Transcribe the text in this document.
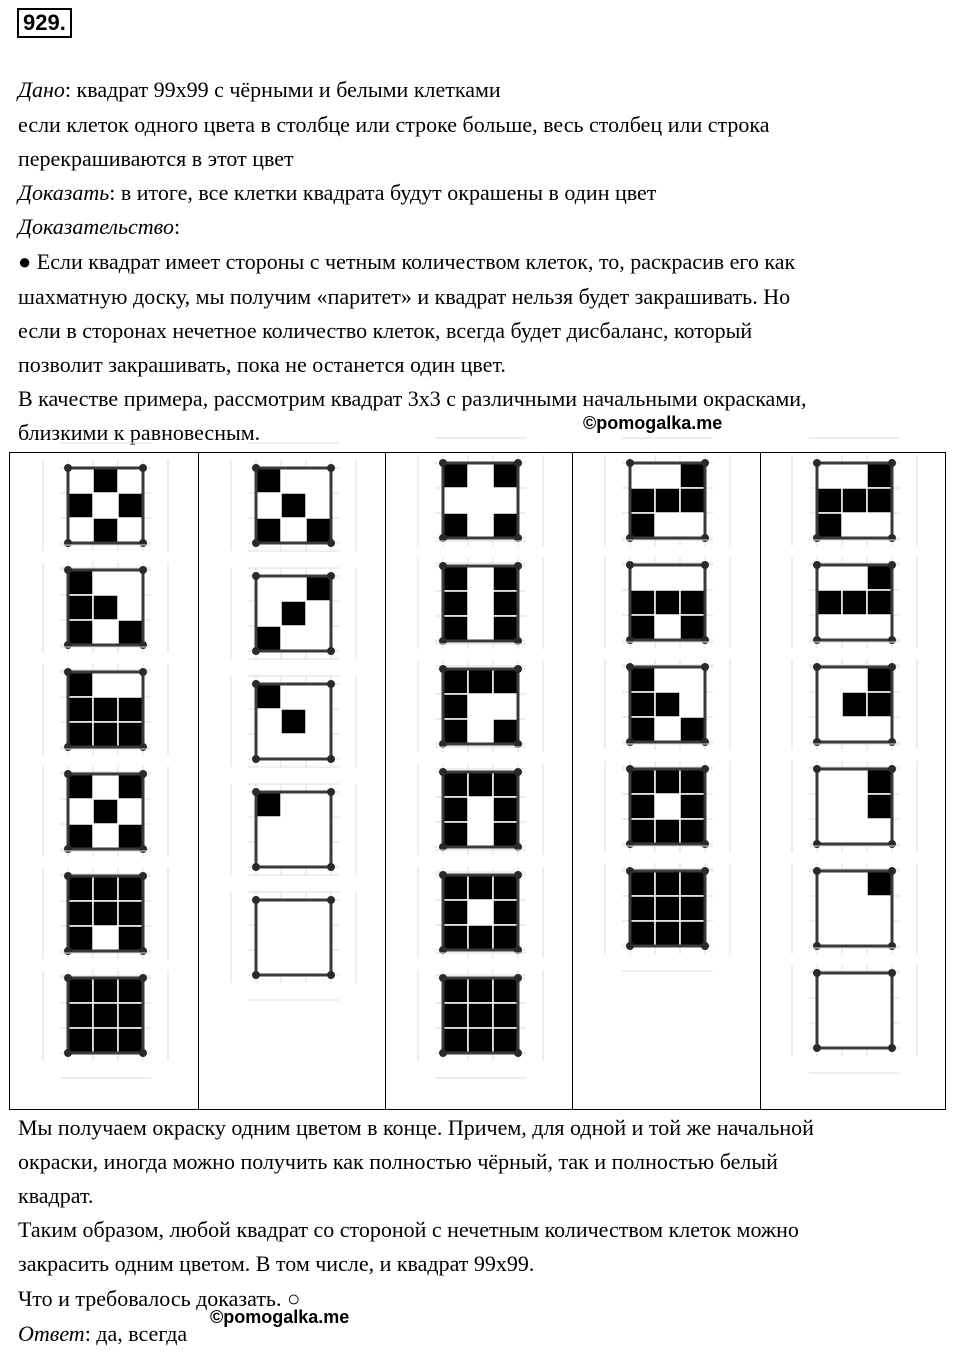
929.
Дано: квадрат 99х99 с чёрными и белыми клетками
если клеток одного цвета в столбце или строке больше, весь столбец или строка
перекрашиваются в этот цвет
Доказать: в итоге, все клетки квадрата будут окрашены в один цвет
Доказательство:
● Если квадрат имеет стороны с четным количеством клеток, то, раскрасив его как
шахматную доску, мы получим «паритет» и квадрат нельзя будет закрашивать. Но
если в сторонах нечетное количество клеток, всегда будет дисбаланс, который
позволит закрашивать, пока не останется один цвет.
В качестве примера, рассмотрим квадрат 3х3 с различными начальными окрасками,
близкими к равновесным.	©pomogalka.me
Мы получаем окраску одним цветом в конце. Причем, для одной и той же начальной
окраски, иногда можно получить как полностью чёрный, так и полностью белый
квадрат.
Таким образом, любой квадрат со стороной с нечетным количеством клеток можно
закрасить одним цветом. В том числе, и квадрат 99х99.
Что и требовалось доказать. ○
Ответ: да, всегда
©pomogalka.me
